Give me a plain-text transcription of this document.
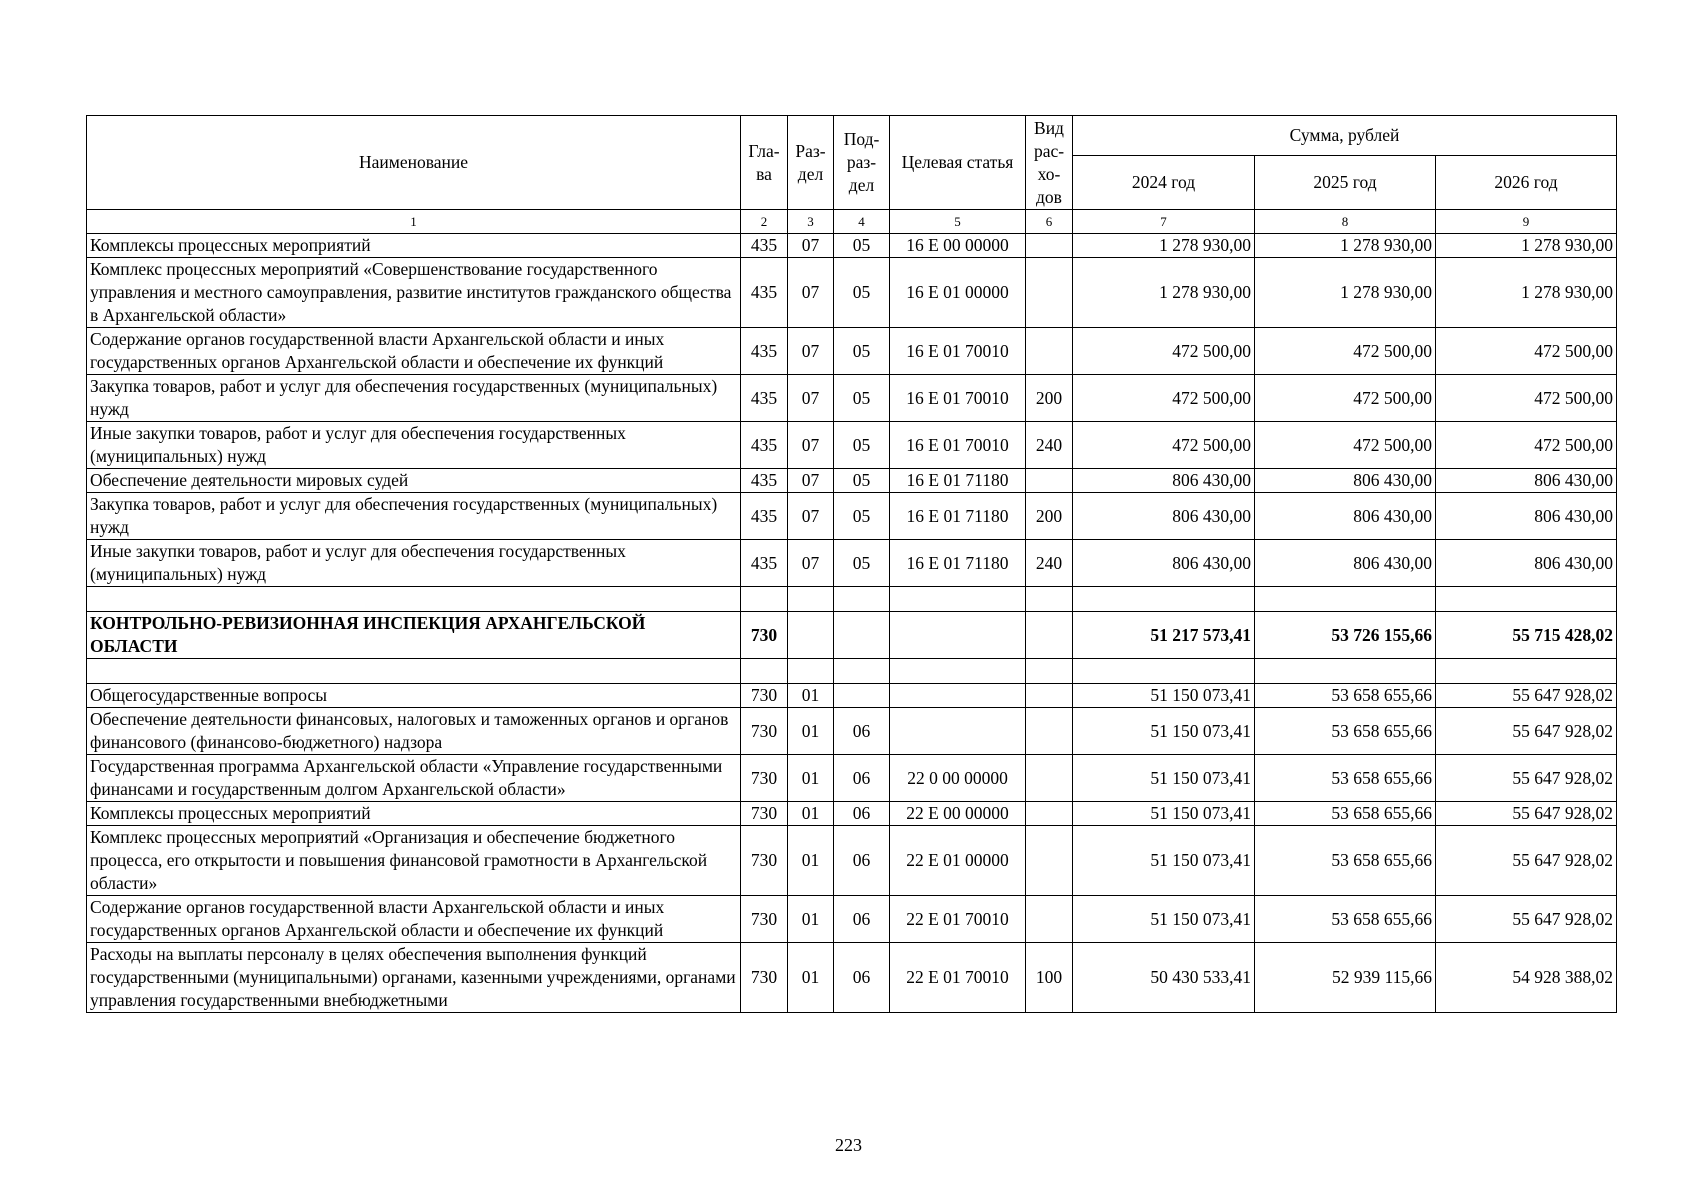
Наименование	Гла-ва	Раз-дел	Под-раз-дел	Целевая статья	Вид рас-хо-дов	Сумма, рублей		
						2024 год	2025 год	2026 год
1	2	3	4	5	6	7	8	9
Комплексы процессных мероприятий	435	07	05	16 Е 00 00000		1 278 930,00	1 278 930,00	1 278 930,00
Комплекс процессных мероприятий «Совершенствование государственного управления и местного самоуправления, развитие институтов гражданского общества в Архангельской области»	435	07	05	16 Е 01 00000		1 278 930,00	1 278 930,00	1 278 930,00
Содержание органов государственной власти Архангельской области и иных государственных органов Архангельской области и обеспечение их функций	435	07	05	16 Е 01 70010		472 500,00	472 500,00	472 500,00
Закупка товаров, работ и услуг для обеспечения государственных (муниципальных) нужд	435	07	05	16 Е 01 70010	200	472 500,00	472 500,00	472 500,00
Иные закупки товаров, работ и услуг для обеспечения государственных (муниципальных) нужд	435	07	05	16 Е 01 70010	240	472 500,00	472 500,00	472 500,00
Обеспечение деятельности мировых судей	435	07	05	16 Е 01 71180		806 430,00	806 430,00	806 430,00
Закупка товаров, работ и услуг для обеспечения государственных (муниципальных) нужд	435	07	05	16 Е 01 71180	200	806 430,00	806 430,00	806 430,00
Иные закупки товаров, работ и услуг для обеспечения государственных (муниципальных) нужд	435	07	05	16 Е 01 71180	240	806 430,00	806 430,00	806 430,00

КОНТРОЛЬНО-РЕВИЗИОННАЯ ИНСПЕКЦИЯ АРХАНГЕЛЬСКОЙ ОБЛАСТИ	730					51 217 573,41	53 726 155,66	55 715 428,02

Общегосударственные вопросы	730	01				51 150 073,41	53 658 655,66	55 647 928,02
Обеспечение деятельности финансовых, налоговых и таможенных органов и органов финансового (финансово-бюджетного) надзора	730	01	06			51 150 073,41	53 658 655,66	55 647 928,02
Государственная программа Архангельской области «Управление государственными финансами и государственным долгом Архангельской области»	730	01	06	22 0 00 00000		51 150 073,41	53 658 655,66	55 647 928,02
Комплексы процессных мероприятий	730	01	06	22 Е 00 00000		51 150 073,41	53 658 655,66	55 647 928,02
Комплекс процессных мероприятий «Организация и обеспечение бюджетного процесса, его открытости и повышения финансовой грамотности в Архангельской области»	730	01	06	22 Е 01 00000		51 150 073,41	53 658 655,66	55 647 928,02
Содержание органов государственной власти Архангельской области и иных государственных органов Архангельской области и обеспечение их функций	730	01	06	22 Е 01 70010		51 150 073,41	53 658 655,66	55 647 928,02
Расходы на выплаты персоналу в целях обеспечения выполнения функций государственными (муниципальными) органами, казенными учреждениями, органами управления государственными внебюджетными	730	01	06	22 Е 01 70010	100	50 430 533,41	52 939 115,66	54 928 388,02
223
